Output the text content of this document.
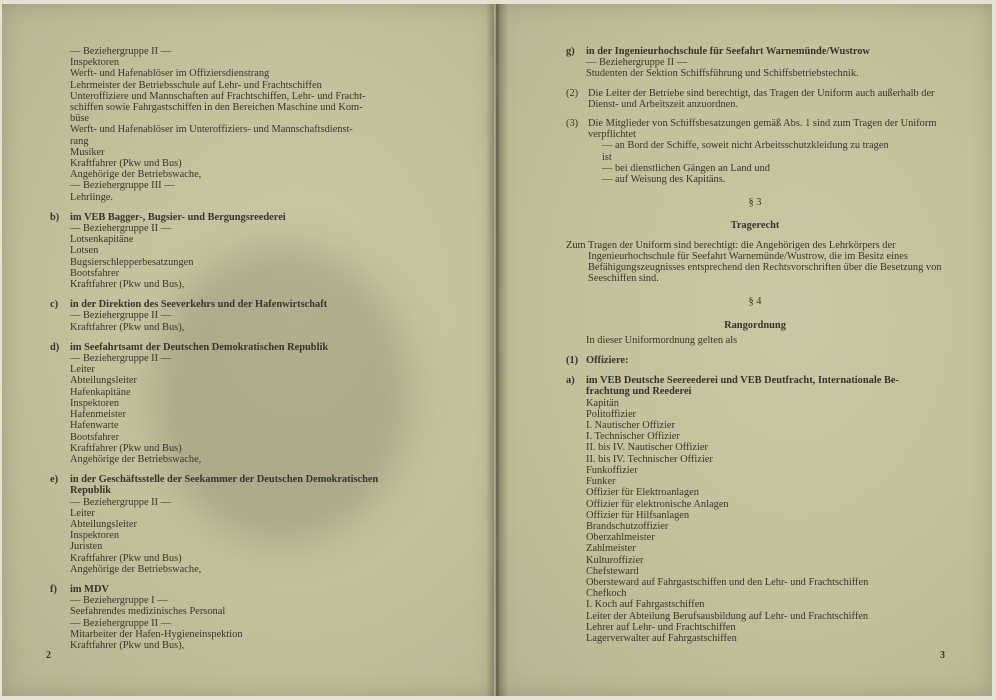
— Beziehergruppe II —
Inspektoren
Werft- und Hafenablöser im Offiziersdienstrang
Lehrmeister der Betriebsschule auf Lehr- und Frachtschiffen
Unteroffiziere und Mannschaften auf Frachtschiffen, Lehr- und Fracht-
schiffen sowie Fahrgastschiffen in den Bereichen Maschine und Kom-
büse
Werft- und Hafenablöser im Unteroffiziers- und Mannschaftsdienst-
rang
Musiker
Kraftfahrer (Pkw und Bus)
Angehörige der Betriebswache,
— Beziehergruppe III —
Lehrlinge.
b) im VEB Bagger-, Bugsier- und Bergungsreederei
— Beziehergruppe II —
Lotsenkapitäne
Lotsen
Bugsierschlepperbesatzungen
Bootsfahrer
Kraftfahrer (Pkw und Bus),
c) in der Direktion des Seeverkehrs und der Hafenwirtschaft
— Beziehergruppe II —
Kraftfahrer (Pkw und Bus),
d) im Seefahrtsamt der Deutschen Demokratischen Republik
— Beziehergruppe II —
Leiter
Abteilungsleiter
Hafenkapitäne
Inspektoren
Hafenmeister
Hafenwarte
Bootsfahrer
Kraftfahrer (Pkw und Bus)
Angehörige der Betriebswache,
e) in der Geschäftsstelle der Seekammer der Deutschen Demokratischen
Republik
— Beziehergruppe II —
Leiter
Abteilungsleiter
Inspektoren
Juristen
Kraftfahrer (Pkw und Bus)
Angehörige der Betriebswache,
f) im MDV
— Beziehergruppe I —
Seefahrendes medizinisches Personal
— Beziehergruppe II —
Mitarbeiter der Hafen-Hygieneinspektion
Kraftfahrer (Pkw und Bus),
g) in der Ingenieurhochschule für Seefahrt Warnemünde/Wustrow
— Beziehergruppe II —
Studenten der Sektion Schiffsführung und Schiffsbetriebstechnik.
(2) Die Leiter der Betriebe sind berechtigt, das Tragen der Uniform auch außerhalb der Dienst- und Arbeitszeit anzuordnen.
(3) Die Mitglieder von Schiffsbesatzungen gemäß Abs. 1 sind zum Tragen der Uniform verpflichtet
— an Bord der Schiffe, soweit nicht Arbeitsschutzkleidung zu tragen
ist
— bei dienstlichen Gängen an Land und
— auf Weisung des Kapitäns.
§ 3
Tragerecht
Zum Tragen der Uniform sind berechtigt: die Angehörigen des Lehrkörpers der Ingenieurhochschule für Seefahrt Warnemünde/Wustrow, die im Besitz eines Befähigungszeugnisses entsprechend den Rechtsvorschriften über die Besetzung von Seeschiffen sind.
§ 4
Rangordnung
In dieser Uniformordnung gelten als
(1) Offiziere:
a) im VEB Deutsche Seereederei und VEB Deutfracht, Internationale Be-
frachtung und Reederei
Kapitän
Politoffizier
I. Nautischer Offizier
I. Technischer Offizier
II. bis IV. Nautischer Offizier
II. bis IV. Technischer Offizier
Funkoffizier
Funker
Offizier für Elektroanlagen
Offizier für elektronische Anlagen
Offizier für Hilfsanlagen
Brandschutzoffizier
Oberzahlmeister
Zahlmeister
Kulturoffizier
Chefsteward
Obersteward auf Fahrgastschiffen und den Lehr- und Frachtschiffen
Chefkoch
I. Koch auf Fahrgastschiffen
Leiter der Abteilung Berufsausbildung auf Lehr- und Frachtschiffen
Lehrer auf Lehr- und Frachtschiffen
Lagerverwalter auf Fahrgastschiffen
2	3
